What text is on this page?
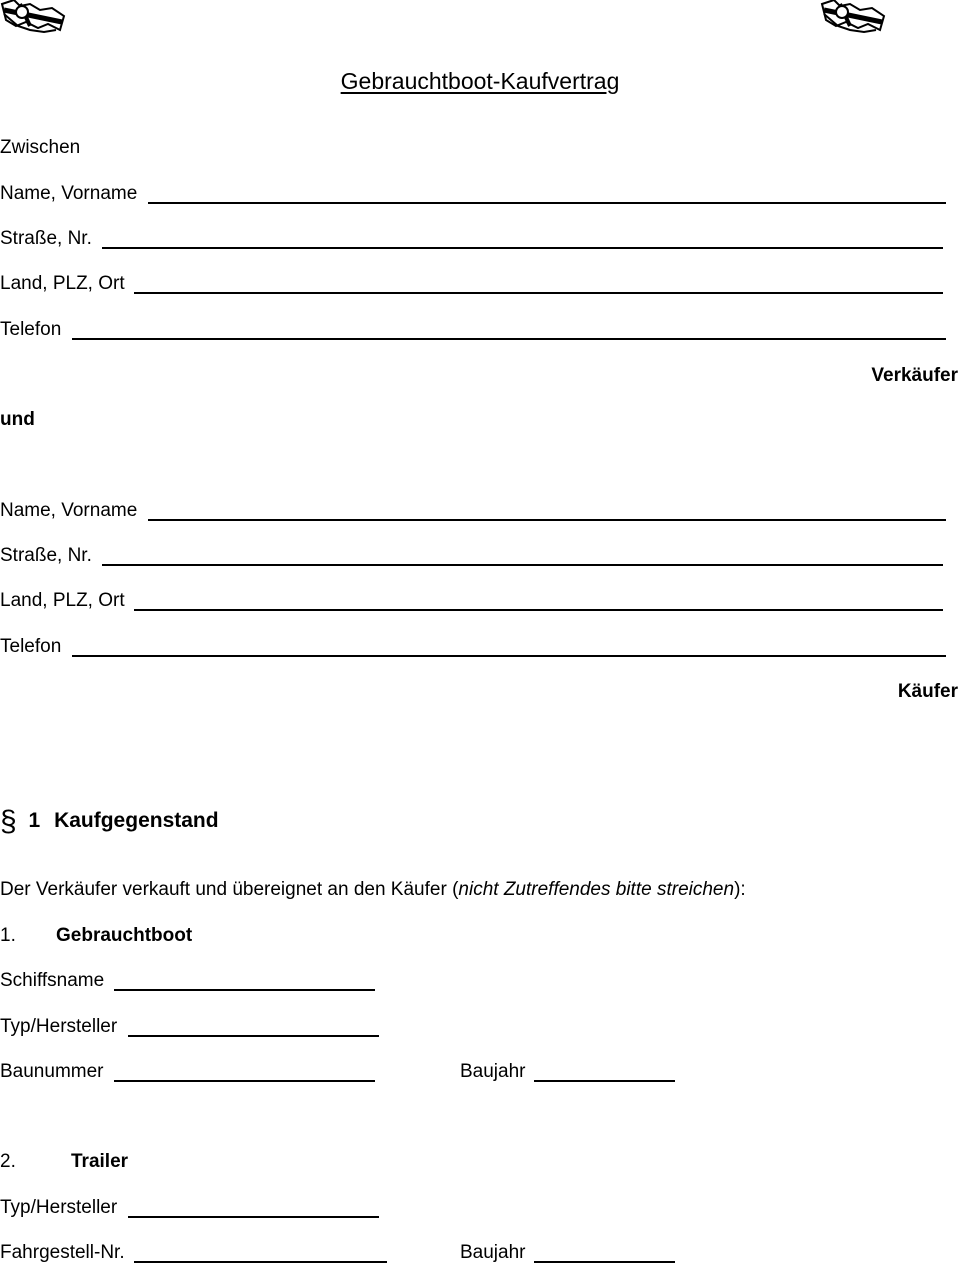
Gebrauchtboot-Kaufvertrag
Zwischen
Name, Vorname
Straße, Nr.
Land, PLZ, Ort
Telefon
Verkäufer
und
Name, Vorname
Straße, Nr.
Land, PLZ, Ort
Telefon
Käufer
§ 1 Kaufgegenstand
Der Verkäufer verkauft und übereignet an den Käufer (nicht Zutreffendes bitte streichen):
1. Gebrauchtboot
Schiffsname
Typ/Hersteller
Baunummer	Baujahr
2.	Trailer
Typ/Hersteller
Fahrgestell-Nr.	Baujahr
